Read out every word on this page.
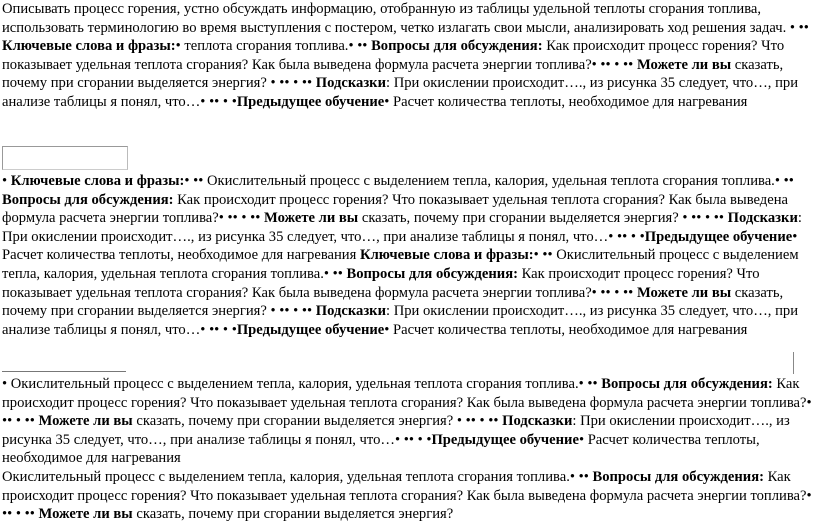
Описывать процесс горения, устно обсуждать информацию, отобранную из таблицы удельной теплоты сгорания топлива, использовать терминологию во время выступления с постером, четко излагать свои мысли, анализировать ход решения задач. • •• Ключевые слова и фразы:• теплота сгорания топлива.• •• Вопросы для обсуждения: Как происходит процесс горения? Что показывает удельная теплота сгорания? Как была выведена формула расчета энергии топлива?• •• • •• Можете ли вы сказать, почему при сгорании выделяется энергия? • •• • •• Подсказки: При окислении происходит…., из рисунка 35 следует, что…, при анализе таблицы я понял, что…• •• • •Предыдущее обучение• Расчет количества теплоты, необходимое для нагревания

• Ключевые слова и фразы:• •• Окислительный процесс с выделением тепла, калория, удельная теплота сгорания топлива.• •• Вопросы для обсуждения: Как происходит процесс горения? Что показывает удельная теплота сгорания? Как была выведена формула расчета энергии топлива?• •• • •• Можете ли вы сказать, почему при сгорании выделяется энергия? • •• • •• Подсказки: При окислении происходит…., из рисунка 35 следует, что…, при анализе таблицы я понял, что…• •• • •Предыдущее обучение• Расчет количества теплоты, необходимое для нагревания Ключевые слова и фразы:• •• Окислительный процесс с выделением тепла, калория, удельная теплота сгорания топлива.• •• Вопросы для обсуждения: Как происходит процесс горения? Что показывает удельная теплота сгорания? Как была выведена формула расчета энергии топлива?• •• • •• Можете ли вы сказать, почему при сгорании выделяется энергия? • •• • •• Подсказки: При окислении происходит…., из рисунка 35 следует, что…, при анализе таблицы я понял, что…• •• • •Предыдущее обучение• Расчет количества теплоты, необходимое для нагревания

• Окислительный процесс с выделением тепла, калория, удельная теплота сгорания топлива.• •• Вопросы для обсуждения: Как происходит процесс горения? Что показывает удельная теплота сгорания? Как была выведена формула расчета энергии топлива?• •• • •• Можете ли вы сказать, почему при сгорании выделяется энергия? • •• • •• Подсказки: При окислении происходит…., из рисунка 35 следует, что…, при анализе таблицы я понял, что…• •• • •Предыдущее обучение• Расчет количества теплоты, необходимое для нагревания

Окислительный процесс с выделением тепла, калория, удельная теплота сгорания топлива.• •• Вопросы для обсуждения: Как происходит процесс горения? Что показывает удельная теплота сгорания? Как была выведена формула расчета энергии топлива?• •• • •• Можете ли вы сказать, почему при сгорании выделяется энергия?
